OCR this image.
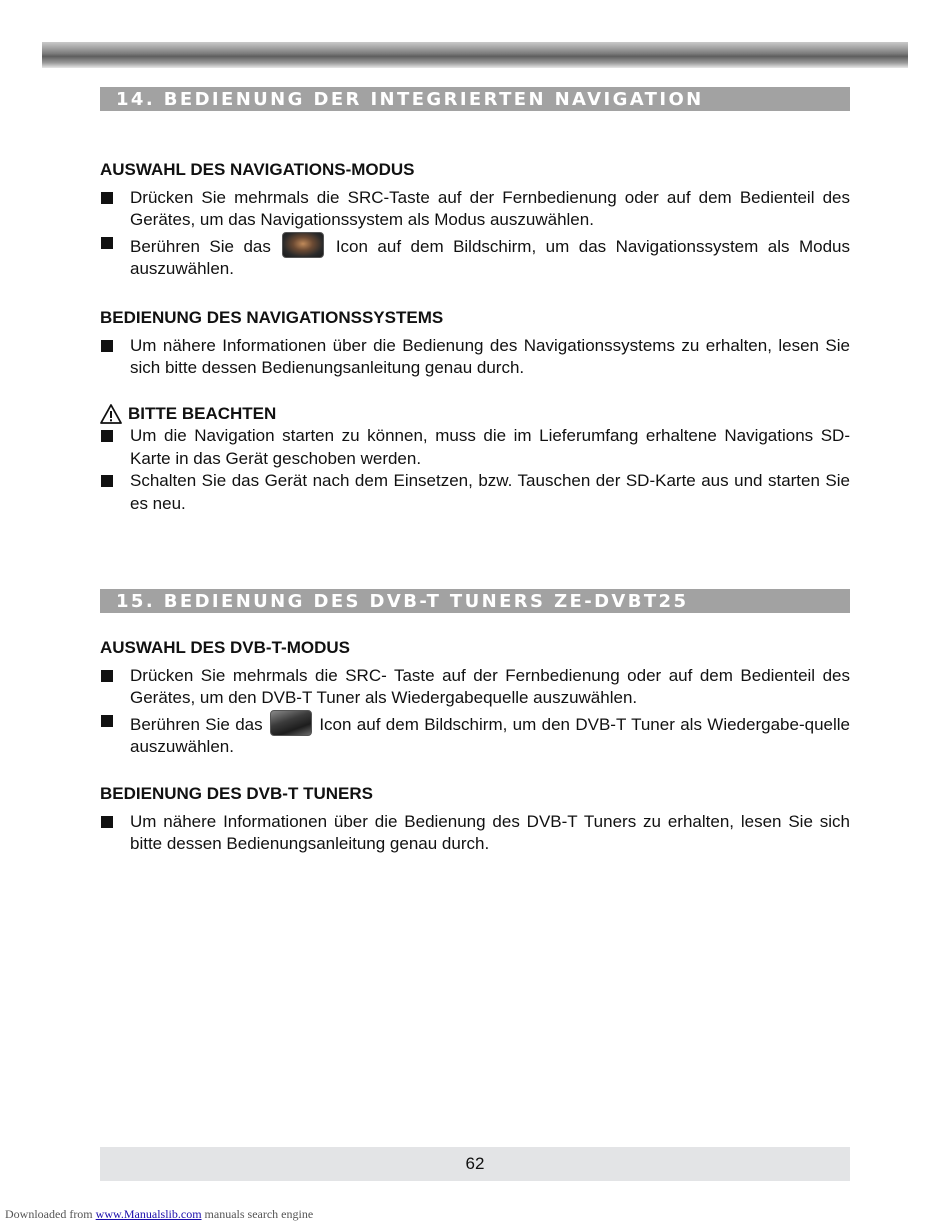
14. BEDIENUNG DER INTEGRIERTEN NAVIGATION
AUSWAHL DES NAVIGATIONS-MODUS
Drücken Sie mehrmals die SRC-Taste auf der Fernbedienung oder auf dem Bedienteil des Gerätes, um das Navigationssystem als Modus auszuwählen.
Berühren Sie das	Icon auf dem Bildschirm, um das Navigationssystem als Modus auszuwählen.
BEDIENUNG DES NAVIGATIONSSYSTEMS
Um nähere Informationen über die Bedienung des Navigationssystems zu erhalten, lesen Sie sich bitte dessen Bedienungsanleitung genau durch.
BITTE BEACHTEN
Um die Navigation starten zu können, muss die im Lieferumfang erhaltene Navigations SD-Karte in das Gerät geschoben werden.
Schalten Sie das Gerät nach dem Einsetzen, bzw. Tauschen der SD-Karte aus und starten Sie es neu.
15. BEDIENUNG DES DVB-T TUNERS ZE-DVBT25
AUSWAHL DES DVB-T-MODUS
Drücken Sie mehrmals die SRC- Taste auf der Fernbedienung oder auf dem Bedienteil des Gerätes, um den DVB-T Tuner als Wiedergabequelle auszuwählen.
Berühren Sie das	Icon auf dem Bildschirm, um den DVB-T Tuner als Wiedergabe-quelle auszuwählen.
BEDIENUNG DES DVB-T TUNERS
Um nähere Informationen über die Bedienung des DVB-T Tuners zu erhalten, lesen Sie sich bitte dessen Bedienungsanleitung genau durch.
62
Downloaded from www.Manualslib.com manuals search engine
